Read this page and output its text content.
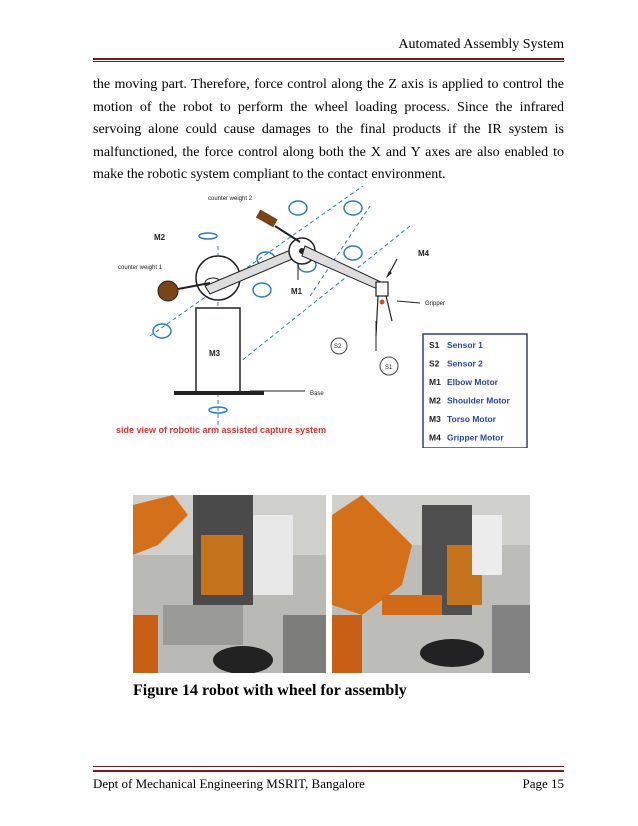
Automated Assembly System
the moving part. Therefore, force control along the Z axis is applied to control the motion of the robot to perform the wheel loading process. Since the infrared servoing alone could cause damages to the final products if the IR system is malfunctioned, the force control along both the X and Y axes are also enabled to make the robotic system compliant to the contact environment.
counter weight 2
counter weight 1
Gripper
Base
S2
S1
M1
M2
M3
M4
side view of robotic arm assisted capture system
S1 Sensor 1
S2 Sensor 2
M1 Elbow Motor
M2 Shoulder Motor
M3 Torso Motor
M4 Gripper Motor
Figure 14 robot with wheel for assembly
Dept of Mechanical Engineering MSRIT, Bangalore	Page 15
